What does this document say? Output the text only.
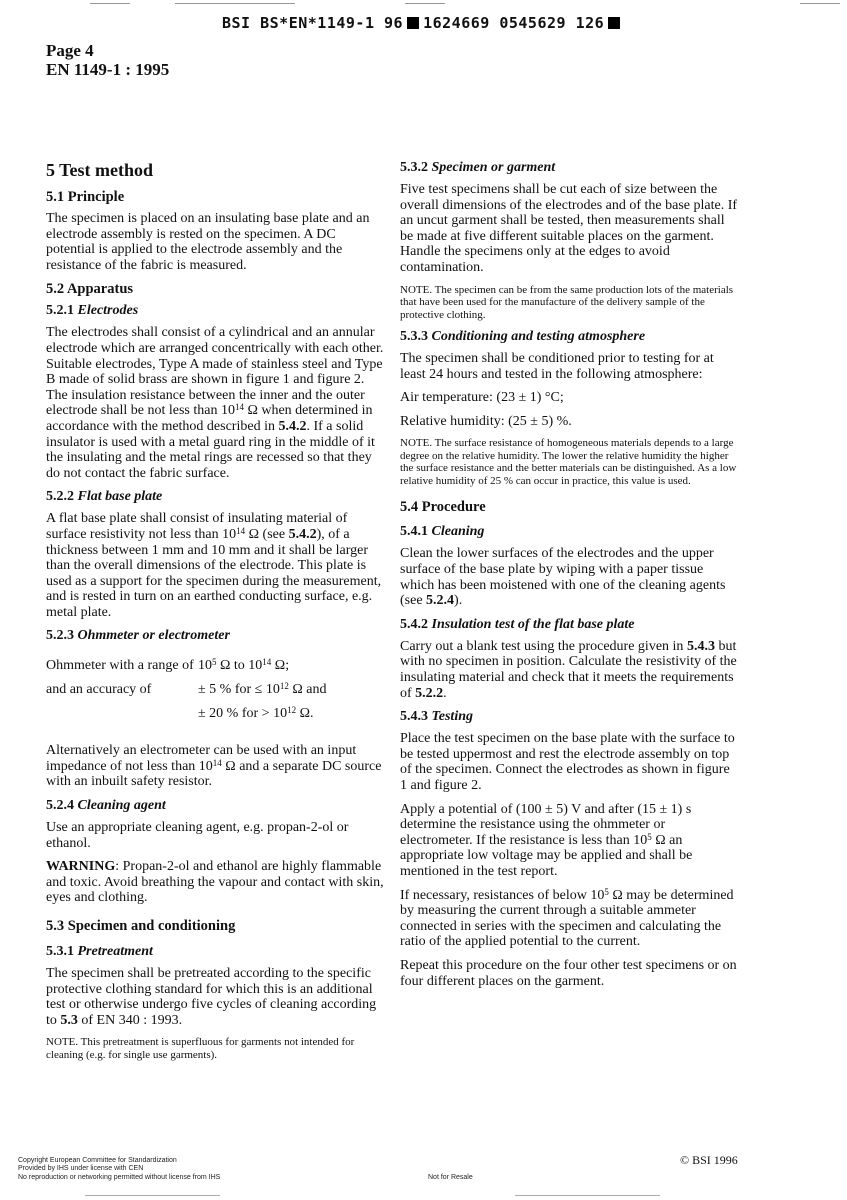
BSI BS*EN*1149-1 96 1624669 0545629 126
Page 4
EN 1149-1 : 1995
5 Test method
5.1 Principle

The specimen is placed on an insulating base plate and an electrode assembly is rested on the specimen. A DC potential is applied to the electrode assembly and the resistance of the fabric is measured.

5.2 Apparatus
5.2.1 Electrodes

The electrodes shall consist of a cylindrical and an annular electrode which are arranged concentrically with each other. Suitable electrodes, Type A made of stainless steel and Type B made of solid brass are shown in figure 1 and figure 2. The insulation resistance between the inner and the outer electrode shall be not less than $10^{14}$ Ω when determined in accordance with the method described in 5.4.2. If a solid insulator is used with a metal guard ring in the middle of it the insulating and the metal rings are recessed so that they do not contact the fabric surface.

5.2.2 Flat base plate

A flat base plate shall consist of insulating material of surface resistivity not less than $10^{14}$ Ω (see 5.4.2), of a thickness between 1 mm and 10 mm and it shall be larger than the overall dimensions of the electrode. This plate is used as a support for the specimen during the measurement, and is rested in turn on an earthed conducting surface, e.g. metal plate.

5.2.3 Ohmmeter or electrometer
Ohmmeter with a range of $10^5$ Ω to $10^{14}$ Ω;
and an accuracy of	± 5 % for ≤ $10^{12}$ Ω and
± 20 % for > $10^{12}$ Ω.

Alternatively an electrometer can be used with an input impedance of not less than $10^{14}$ Ω and a separate DC source with an inbuilt safety resistor.

5.2.4 Cleaning agent

Use an appropriate cleaning agent, e.g. propan-2-ol or ethanol.

WARNING: Propan-2-ol and ethanol are highly flammable and toxic. Avoid breathing the vapour and contact with skin, eyes and clothing.

5.3 Specimen and conditioning
5.3.1 Pretreatment

The specimen shall be pretreated according to the specific protective clothing standard for which this is an additional test or otherwise undergo five cycles of cleaning according to 5.3 of EN 340 : 1993.

NOTE. This pretreatment is superfluous for garments not intended for cleaning (e.g. for single use garments).

5.3.2 Specimen or garment

Five test specimens shall be cut each of size between the overall dimensions of the electrodes and of the base plate. If an uncut garment shall be tested, then measurements shall be made at five different suitable places on the garment. Handle the specimens only at the edges to avoid contamination.

NOTE. The specimen can be from the same production lots of the materials that have been used for the manufacture of the delivery sample of the protective clothing.

5.3.3 Conditioning and testing atmosphere

The specimen shall be conditioned prior to testing for at least 24 hours and tested in the following atmosphere:

Air temperature: (23 ± 1) °C;

Relative humidity: (25 ± 5) %.

NOTE. The surface resistance of homogeneous materials depends to a large degree on the relative humidity. The lower the relative humidity the higher the surface resistance and the better materials can be distinguished. As a low relative humidity of 25 % can occur in practice, this value is used.

5.4 Procedure
5.4.1 Cleaning

Clean the lower surfaces of the electrodes and the upper surface of the base plate by wiping with a paper tissue which has been moistened with one of the cleaning agents (see 5.2.4).

5.4.2 Insulation test of the flat base plate

Carry out a blank test using the procedure given in 5.4.3 but with no specimen in position. Calculate the resistivity of the insulating material and check that it meets the requirements of 5.2.2.

5.4.3 Testing

Place the test specimen on the base plate with the surface to be tested uppermost and rest the electrode assembly on top of the specimen. Connect the electrodes as shown in figure 1 and figure 2.

Apply a potential of (100 ± 5) V and after (15 ± 1) s determine the resistance using the ohmmeter or electrometer. If the resistance is less than $10^5$ Ω an appropriate low voltage may be applied and shall be mentioned in the test report.

If necessary, resistances of below $10^5$ Ω may be determined by measuring the current through a suitable ammeter connected in series with the specimen and calculating the ratio of the applied potential to the current.

Repeat this procedure on the four other test specimens or on four different places on the garment.

Copyright European Committee for Standardization
Provided by IHS under license with CEN
No reproduction or networking permitted without license from IHS	Not for Resale
© BSI 1996
